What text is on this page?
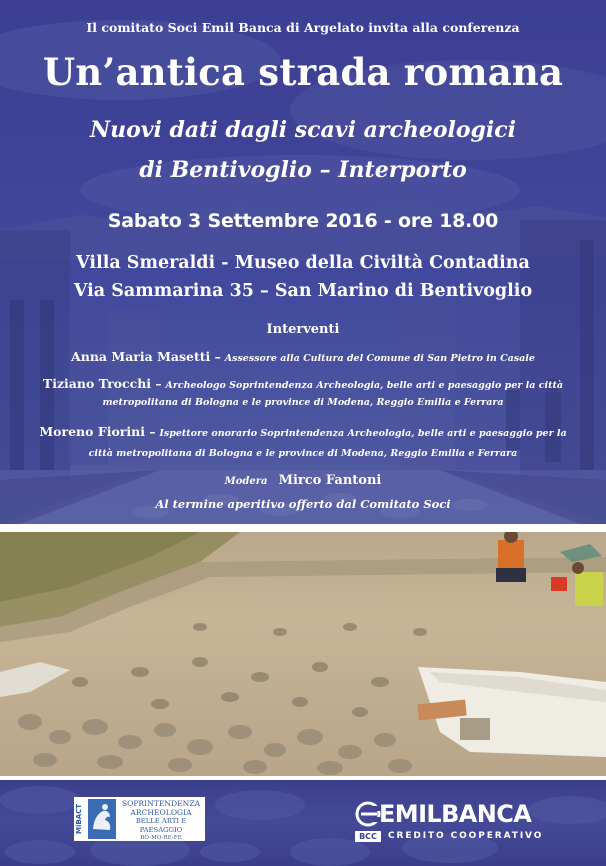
Il comitato Soci Emil Banca di Argelato invita alla conferenza
Un’antica strada romana
Nuovi dati dagli scavi archeologici
di Bentivoglio – Interporto
Sabato 3 Settembre 2016 - ore 18.00
Villa Smeraldi - Museo della Civiltà Contadina
Via Sammarina 35 – San Marino di Bentivoglio
Interventi
Anna Maria Masetti – Assessore alla Cultura del Comune di San Pietro in Casale
Tiziano Trocchi – Archeologo Soprintendenza Archeologia, belle arti e paesaggio per la città
metropolitana di Bologna e le province di Modena, Reggio Emilia e Ferrara
Moreno Fiorini – Ispettore onorario Soprintendenza Archeologia, belle arti e paesaggio per la
città metropolitana di Bologna e le province di Modena, Reggio Emilia e Ferrara
Modera Mirco Fantoni
Al termine aperitivo offerto dal Comitato Soci
MiBACT
SOPRINTENDENZA
ARCHEOLOGIA
BELLE ARTI E PAESAGGIO
BO-MO-RE-FE
EMILBANCA
BCC	CREDITO COOPERATIVO
